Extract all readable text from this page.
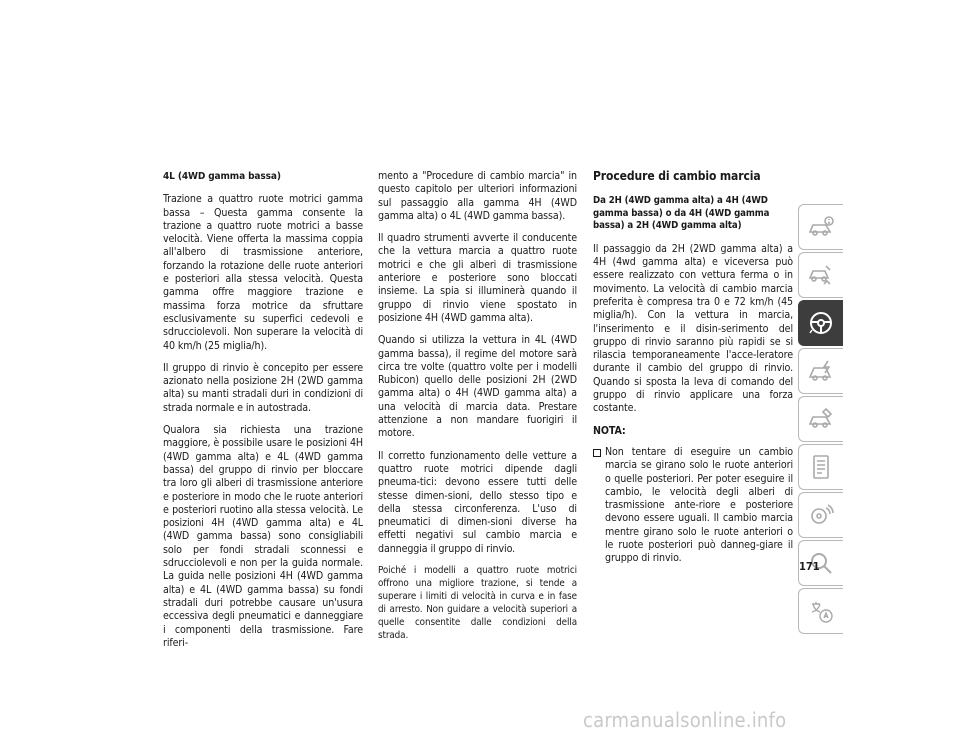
4L (4WD gamma bassa)

Trazione a quattro ruote motrici gamma bassa – Questa gamma consente la trazione a quattro ruote motrici a basse velocità. Viene offerta la massima coppia all'albero di trasmissione anteriore, forzando la rotazione delle ruote anteriori e posteriori alla stessa velocità. Questa gamma offre maggiore trazione e massima forza motrice da sfruttare esclusivamente su superfici cedevoli e sdrucciolevoli. Non superare la velocità di 40 km/h (25 miglia/h).

Il gruppo di rinvio è concepito per essere azionato nella posizione 2H (2WD gamma alta) su manti stradali duri in condizioni di strada normale e in autostrada.

Qualora sia richiesta una trazione maggiore, è possibile usare le posizioni 4H (4WD gamma alta) e 4L (4WD gamma bassa) del gruppo di rinvio per bloccare tra loro gli alberi di trasmissione anteriore e posteriore in modo che le ruote anteriori e posteriori ruotino alla stessa velocità. Le posizioni 4H (4WD gamma alta) e 4L (4WD gamma bassa) sono consigliabili solo per fondi stradali sconnessi e sdrucciolevoli e non per la guida normale. La guida nelle posizioni 4H (4WD gamma alta) e 4L (4WD gamma bassa) su fondi stradali duri potrebbe causare un'usura eccessiva degli pneumatici e danneggiare i componenti della trasmissione. Fare riferi-

mento a "Procedure di cambio marcia" in questo capitolo per ulteriori informazioni sul passaggio alla gamma 4H (4WD gamma alta) o 4L (4WD gamma bassa).

Il quadro strumenti avverte il conducente che la vettura marcia a quattro ruote motrici e che gli alberi di trasmissione anteriore e posteriore sono bloccati insieme. La spia si illuminerà quando il gruppo di rinvio viene spostato in posizione 4H (4WD gamma alta).

Quando si utilizza la vettura in 4L (4WD gamma bassa), il regime del motore sarà circa tre volte (quattro volte per i modelli Rubicon) quello delle posizioni 2H (2WD gamma alta) o 4H (4WD gamma alta) a una velocità di marcia data. Prestare attenzione a non mandare fuorigiri il motore.

Il corretto funzionamento delle vetture a quattro ruote motrici dipende dagli pneuma-tici: devono essere tutti delle stesse dimen-sioni, dello stesso tipo e della stessa circonferenza. L'uso di pneumatici di dimen-sioni diverse ha effetti negativi sul cambio marcia e danneggia il gruppo di rinvio.

Poiché i modelli a quattro ruote motrici offrono una migliore trazione, si tende a superare i limiti di velocità in curva e in fase di arresto. Non guidare a velocità superiori a quelle consentite dalle condizioni della strada.

Procedure di cambio marcia

Da 2H (4WD gamma alta) a 4H (4WD gamma bassa) o da 4H (4WD gamma bassa) a 2H (4WD gamma alta)

Il passaggio da 2H (2WD gamma alta) a 4H (4wd gamma alta) e viceversa può essere realizzato con vettura ferma o in movimento. La velocità di cambio marcia preferita è compresa tra 0 e 72 km/h (45 miglia/h). Con la vettura in marcia, l'inserimento e il disin-serimento del gruppo di rinvio saranno più rapidi se si rilascia temporaneamente l'acce-leratore durante il cambio del gruppo di rinvio. Quando si sposta la leva di comando del gruppo di rinvio applicare una forza costante.

NOTA:

Non tentare di eseguire un cambio marcia se girano solo le ruote anteriori o quelle posteriori. Per poter eseguire il cambio, le velocità degli alberi di trasmissione ante-riore e posteriore devono essere uguali. Il cambio marcia mentre girano solo le ruote anteriori o le ruote posteriori può danneg-giare il gruppo di rinvio.
171
carmanualsonline.info
